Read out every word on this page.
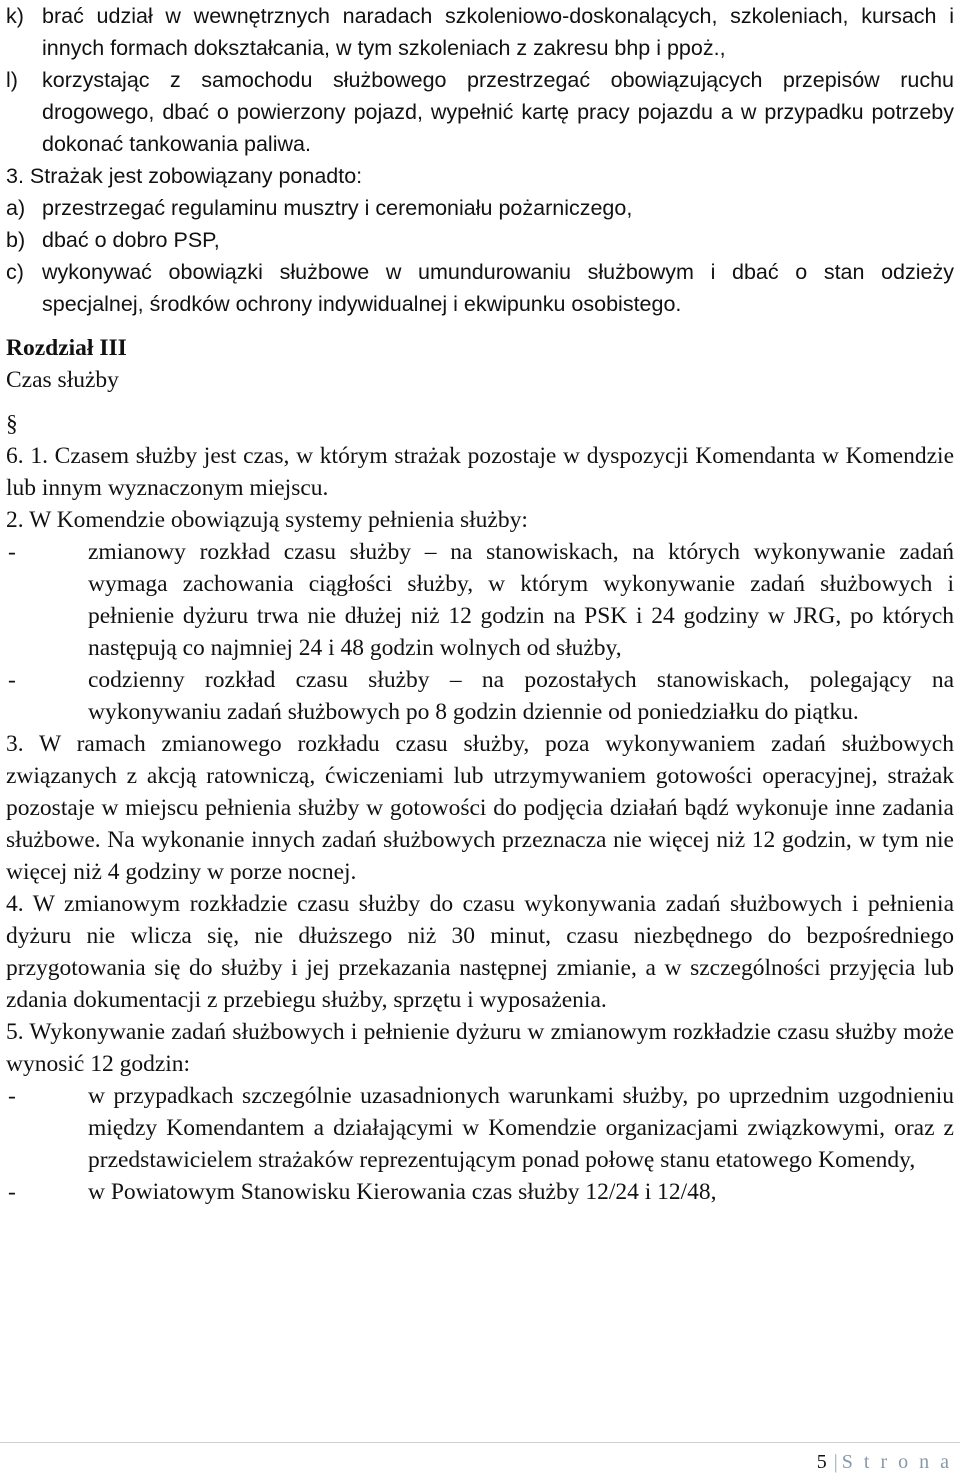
k) brać udział w wewnętrznych naradach szkoleniowo-doskonalących, szkoleniach, kursach i innych formach dokształcania, w tym szkoleniach z zakresu bhp i ppoż.,

l)	korzystając z samochodu służbowego przestrzegać obowiązujących przepisów ruchu drogowego, dbać o powierzony pojazd, wypełnić kartę pracy pojazdu a w przypadku potrzeby dokonać tankowania paliwa.

3. Strażak jest zobowiązany ponadto:

a) przestrzegać regulaminu musztry i ceremoniału pożarniczego,

b) dbać o dobro PSP,

c) wykonywać obowiązki służbowe w umundurowaniu służbowym i dbać o stan odzieży specjalnej, środków ochrony indywidualnej i ekwipunku osobistego.

Rozdział III

Czas służby

§

6. 1. Czasem służby jest czas, w którym strażak pozostaje w dyspozycji Komendanta w Komendzie lub innym wyznaczonym miejscu.

2. W Komendzie obowiązują systemy pełnienia służby:

-	zmianowy rozkład czasu służby – na stanowiskach, na których wykonywanie zadań wymaga zachowania ciągłości służby, w którym wykonywanie zadań służbowych i pełnienie dyżuru trwa nie dłużej niż 12 godzin na PSK i 24 godziny w JRG, po których następują co najmniej 24 i 48 godzin wolnych od służby,

-	codzienny rozkład czasu służby – na pozostałych stanowiskach, polegający na wykonywaniu zadań służbowych po 8 godzin dziennie od poniedziałku do piątku.

3. W ramach zmianowego rozkładu czasu służby, poza wykonywaniem zadań służbowych związanych z akcją ratowniczą, ćwiczeniami lub utrzymywaniem gotowości operacyjnej, strażak pozostaje w miejscu pełnienia służby w gotowości do podjęcia działań bądź wykonuje inne zadania służbowe. Na wykonanie innych zadań służbowych przeznacza nie więcej niż 12 godzin, w tym nie więcej niż 4 godziny w porze nocnej.

4. W zmianowym rozkładzie czasu służby do czasu wykonywania zadań służbowych i pełnienia dyżuru nie wlicza się, nie dłuższego niż 30 minut, czasu niezbędnego do bezpośredniego przygotowania się do służby i jej przekazania następnej zmianie, a w szczególności przyjęcia lub zdania dokumentacji z przebiegu służby, sprzętu i wyposażenia.

5. Wykonywanie zadań służbowych i pełnienie dyżuru w zmianowym rozkładzie czasu służby może wynosić 12 godzin:

-	w przypadkach szczególnie uzasadnionych warunkami służby, po uprzednim uzgodnieniu między Komendantem a działającymi w Komendzie organizacjami związkowymi, oraz z przedstawicielem strażaków reprezentującym ponad połowę stanu etatowego Komendy,

-	w Powiatowym Stanowisku Kierowania czas służby 12/24 i 12/48,

5 | S t r o n a
